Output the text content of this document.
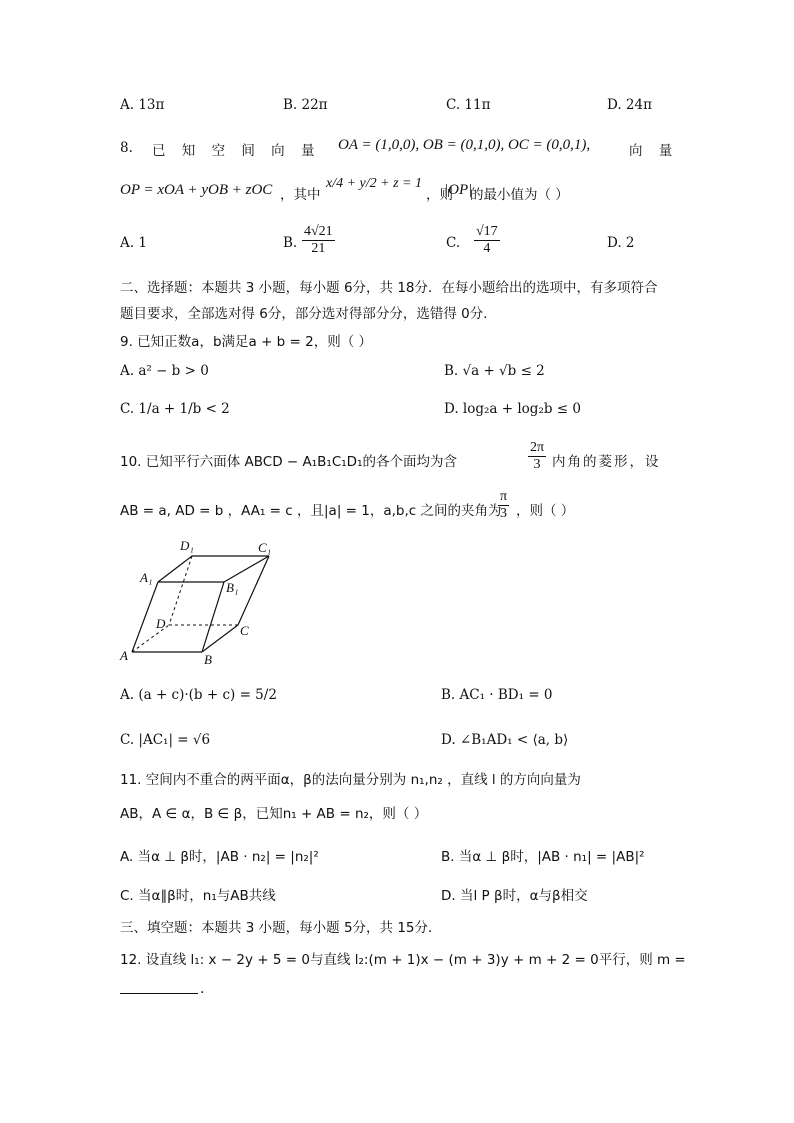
A. 13π	B. 22π	C. 11π	D. 24π
8. 已 知 空 间 向 量 OA = (1,0,0), OB = (0,1,0), OC = (0,0,1),	向 量
OP = xOA + yOB + zOC ，其中
x/4 + y/2 + z = 1
，则
|OP|
的最小值为（ ）
A. 1	B. $\frac{4√21}{21}$	C. $\frac{√17}{4}$	D. 2
二、选择题：本题共 3 小题，每小题 6分，共 18分．在每小题给出的选项中，有多项符合
题目要求，全部选对得 6分，部分选对得部分分，选错得 0分．
9. 已知正数a，b满足a + b = 2，则（ ）
A. a² − b > 0	B. √a + √b ≤ 2
C. 1/a + 1/b < 2	D. log₂a + log₂b ≤ 0
10. 已知平行六面体 ABCD − A₁B₁C₁D₁的各个面均为含	$\frac{2\pi}{3}$ 内角的菱形，设
AB = a, AD = b ，AA₁ = c ，且|a| = 1，a,b,c 之间的夹角为
$\frac{\pi}{3}$ ，则（ ）
D₁	C₁
A₁
B₁
D	C
A	B
A. (a + c)·(b + c) = 5/2	B. AC₁ · BD₁ = 0
C. |AC₁| = √6	D. ∠B₁AD₁ < ⟨a, b⟩
11. 空间内不重合的两平面α，β的法向量分别为 n₁,n₂ ，直线 l 的方向向量为
AB，A ∈ α，B ∈ β，已知n₁ + AB = n₂，则（ ）
A. 当α ⊥ β时，|AB · n₂| = |n₂|²	B. 当α ⊥ β时，|AB · n₁| = |AB|²
C. 当α∥β时，n₁与AB共线	D. 当l P β时，α与β相交
三、填空题：本题共 3 小题，每小题 5分，共 15分．
12. 设直线 l₁: x − 2y + 5 = 0与直线 l₂:(m + 1)x − (m + 3)y + m + 2 = 0平行，则 m =
.
